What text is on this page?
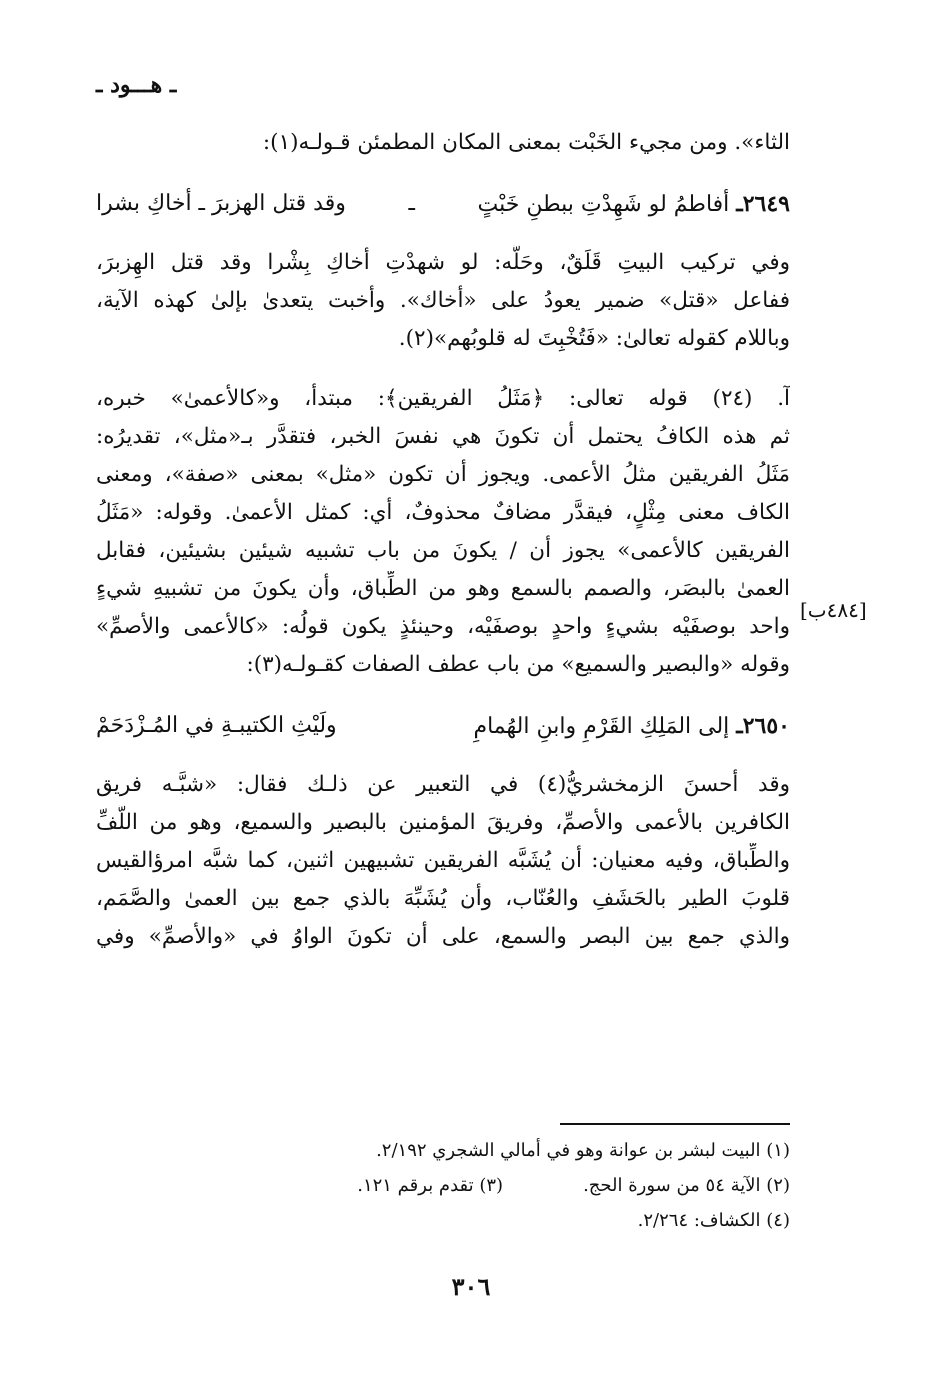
ـ هـــود ـ
الثاء». ومن مجيء الخَبْت بمعنى المكان المطمئن قـولـه(١):
٢٦٤٩ـ أفاطمُ لو شَهِدْتِ ببطنِ خَبْتٍ
ـ
وقد قتل الهزبرَ ـ أخاكِ بشرا
وفي تركيب البيتِ قَلَقٌ، وحَلُّه: لو شهدْتِ أخاكِ بِشْرا وقد قتل الهِزبرَ،
ففاعل «قتل» ضمير يعودُ على «أخاك». وأخبت يتعدىٰ بإلىٰ كهذه الآية،
وباللام كقوله تعالىٰ: «فَتُخْبِتَ له قلوبُهم»(٢).
آ. (٢٤) قوله تعالى: ﴿مَثَلُ الفريقين﴾: مبتدأ، و«كالأعمىٰ» خبره،
ثم هذه الكافُ يحتمل أن تكونَ هي نفسَ الخبر، فتقدَّر بـ«مثل»، تقديرُه:
مَثَلُ الفريقين مثلُ الأعمى. ويجوز أن تكون «مثل» بمعنى «صفة»، ومعنى
الكاف معنى مِثْلٍ، فيقدَّر مضافٌ محذوفٌ، أي: كمثل الأعمىٰ. وقوله: «مَثَلُ
الفريقين كالأعمى» يجوز أن / يكونَ من باب تشبيه شيئين بشيئين، فقابل
العمىٰ بالبصَر، والصمم بالسمع وهو من الطِّباق، وأن يكونَ من تشبيهِ شيءٍ
واحد بوصفَيْه بشيءٍ واحدٍ بوصفَيْه، وحينئذٍ يكون قولُه: «كالأعمى والأصمِّ»
وقوله «والبصير والسميع» من باب عطف الصفات كقـولـه(٣):
٢٦٥٠ـ إلى المَلِكِ القَرْمِ وابنِ الهُمامِ
ولَيْثِ الكتيبـةِ في المُـزْدَحَمْ
وقد أحسنَ الزمخشريُّ(٤) في التعبير عن ذلـك فقال: «شبَّـه فريق
الكافرين بالأعمى والأصمِّ، وفريقَ المؤمنين بالبصير والسميع، وهو من اللَّفِّ
والطِّباق، وفيه معنيان: أن يُشَبَّه الفريقين تشبيهين اثنين، كما شبَّه امرؤالقيس
قلوبَ الطير بالحَشَفِ والعُنّاب، وأن يُشَبِّهَ بالذي جمع بين العمىٰ والصَّمَم،
والذي جمع بين البصر والسمع، على أن تكونَ الواوُ في «والأصمِّ» وفي
[٤٨٤ب]
(١) البيت لبشر بن عوانة وهو في أمالي الشجري ٢/١٩٢.
(٢) الآية ٥٤ من سورة الحج.
(٣) تقدم برقم ١٢١.
(٤) الكشاف: ٢/٢٦٤.
٣٠٦
